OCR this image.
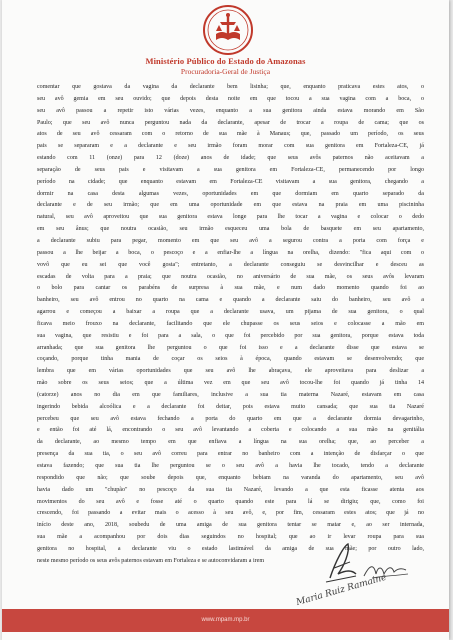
Ministério Público do Estado do Amazonas
Procuradoria-Geral de Justiça
comentar que gostava da vagina da declarante bem lisinha; que, enquanto praticava estes atos, o
seu avô gemia em seu ouvido; que depois desta noite em que tocou a sua vagina com a boca, o
seu avô passou a repetir isto várias vezes, enquanto a sua genitora ainda estava morando em São
Paulo; que seu avô nunca perguntou nada da declarante, apesar de trocar a roupa de cama; que os
atos de seu avô cessaram com o retorno de sua mãe à Manaus; que, passado um período, os seus
pais se separaram e a declarante e seu irmão foram morar com sua genitora em Fortaleza-CE, já
estando com 11 (onze) para 12 (doze) anos de idade; que seus avôs paternos não aceitavam a
separação de seus pais e visitavam a sua genitora em Fortaleza-CE, permanecendo por longo
período na cidade; que enquanto estavam em Fortaleza-CE visitavam a sua genitora, chegando a
dormir na casa desta algumas vezes, oportunidades em que dormiam em quarto separado da
declarante e de seu irmão; que em uma oportunidade em que estava na praia em uma piscininha
natural, seu avô aproveitou que sua genitora estava longe para lhe tocar a vagina e colocar o dedo
em seu ânus; que noutra ocasião, seu irmão esqueceu uma bola de basquete em seu apartamento,
a declarante subiu para pegar, momento em que seu avô a segurou contra a porta com força e
passou a lhe beijar a boca, o pescoço e a enfiar-lhe a língua na orelha, dizendo: "fica aqui com o
vovô que eu sei que você gosta"; entretanto, a declarante conseguiu se desvincilhar e desceu as
escadas de volta para a praia; que noutra ocasião, no aniversário de sua mãe, os seus avôs levaram
o bolo para cantar os parabéns de surpresa à sua mãe, e num dado momento quando foi ao
banheiro, seu avô entrou no quarto na cama e quando a declarante saiu do banheiro, seu avô a
agarrou e começou a baixar a roupa que a declarante usava, um pijama de sua genitora, o qual
ficava meio frouxo na declarante, facilitando que ele chupasse os seus seios e colocasse a mão em
sua vagina, que resistiu e foi para a sala, o que foi percebido por sua genitora, porque estava toda
arranhada; que sua genitora lhe perguntou o que foi isso e a declarante disse que estava se
coçando, porque tinha mania de coçar os seios à época, quando estavam se desenvolvendo; que
lembra que em várias oportunidades que seu avô lhe abraçava, ele aproveitava para deslizar a
mão sobre os seus seios; que a última vez em que seu avô tocou-lhe foi quando já tinha 14
(catorze) anos no dia em que familiares, inclusive a sua tia materna Nazaré, estavam em casa
ingerindo bebida alcoólica e a declarante foi deitar, pois estava muito cansada; que sua tia Nazaré
percebeu que seu avô estava fechando a porta do quarto em que a declarante dormia devagarinho,
e então foi até lá, encontrando o seu avô levantando a coberta e colocando a sua mão na genitália
da declarante, ao mesmo tempo em que enfiava a língua na sua orelha; que, ao perceber a
presença da sua tia, o seu avô correu para entrar no banheiro com a intenção de disfarçar o que
estava fazendo; que sua tia lhe perguntou se o seu avô a havia lhe tocado, tendo a declarante
respondido que não; que soube depois que, enquanto bebiam na varanda do apartamento, seu avô
havia dado um "chupão" no pescoço da sua tia Nazaré, levando a que esta ficasse atenta aos
movimentos do seu avô e fosse até o quarto quando este para lá se dirigiu; que, como foi
crescendo, foi passando a evitar mais o acesso à seu avô, e, por fim, cessaram estes atos; que já no
início deste ano, 2018, soubedu de uma amiga de sua genitora tentar se matar e, ao ser internada,
sua mãe a acompanhou por dois dias seguindos no hospital; que ao ir levar roupa para sua
genitora no hospital, a declarante viu o estado lastimável da amiga de sua mãe; por outro lado,
neste mesmo período os seus avôs paternos estavam em Fortaleza e se autoconvidaram a irem
Maria Ruiz Ramaine
www.mpam.mp.br
